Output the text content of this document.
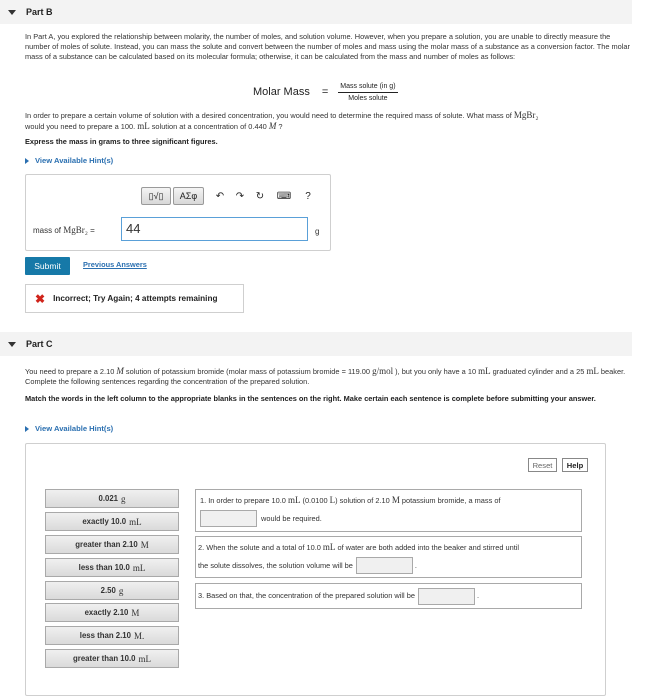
Part B
In Part A, you explored the relationship between molarity, the number of moles, and solution volume. However, when you prepare a solution, you are unable to directly measure the number of moles of solute. Instead, you can mass the solute and convert between the number of moles and mass using the molar mass of a substance as a conversion factor. The molar mass of a substance can be calculated based on its molecular formula; otherwise, it can be calculated from the mass and number of moles as follows:
Molar Mass = $\frac{\text{Mass solute (in g)}}{\text{Moles solute}}$
In order to prepare a certain volume of solution with a desired concentration, you would need to determine the required mass of solute. What mass of MgBr₂
would you need to prepare a 100. mL solution at a concentration of 0.440 M ?
Express the mass in grams to three significant figures.
View Available Hint(s)
▯√▯	ΑΣφ	↶	↷	↻	⌨	?
mass of MgBr₂ =	44	g
Submit	Previous Answers
✖ Incorrect; Try Again; 4 attempts remaining
Part C
You need to prepare a 2.10 M solution of potassium bromide (molar mass of potassium bromide = 119.00 g/mol ), but you only have a 10 mL graduated cylinder and a 25 mL beaker. Complete the following sentences regarding the concentration of the prepared solution.
Match the words in the left column to the appropriate blanks in the sentences on the right. Make certain each sentence is complete before submitting your answer.
View Available Hint(s)
Reset	Help
0.021 g
exactly 10.0 mL
greater than 2.10 M
less than 10.0 mL
2.50 g
exactly 2.10 M
less than 2.10 M.
greater than 10.0 mL
1. In order to prepare 10.0 mL (0.0100 L) solution of 2.10 M potassium bromide, a mass of
would be required.
2. When the solute and a total of 10.0 mL of water are both added into the beaker and stirred until
the solute dissolves, the solution volume will be	.
3. Based on that, the concentration of the prepared solution will be	.
